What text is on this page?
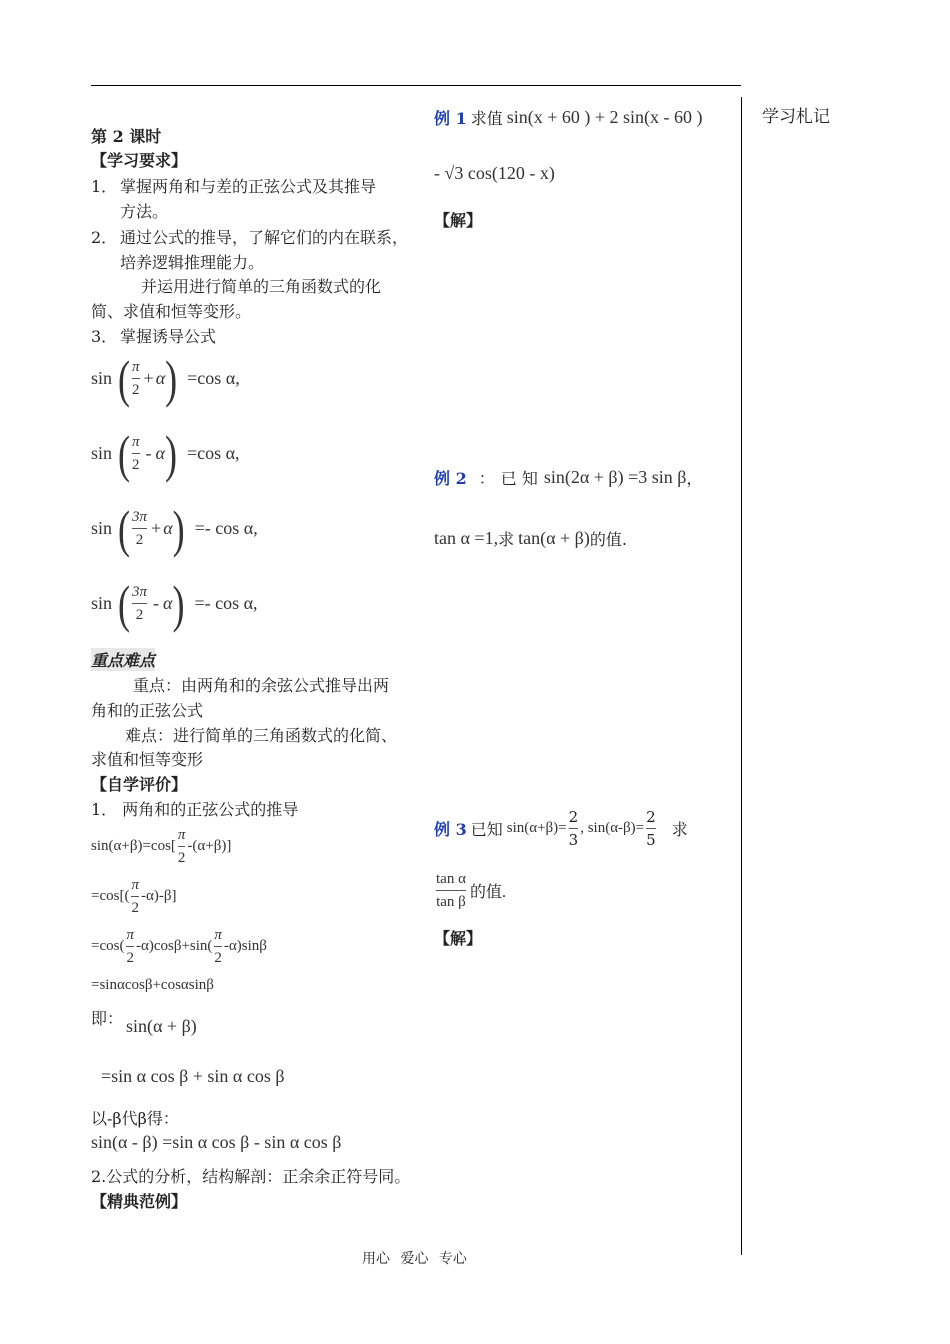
学习札记
第 2 课时
【学习要求】
1． 掌握两角和与差的正弦公式及其推导
方法。
2． 通过公式的推导，了解它们的内在联系，
培养逻辑推理能力。
并运用进行简单的三角函数式的化
简、求值和恒等变形。
3． 掌握诱导公式
sin ( $\frac{\pi}{2} + \alpha$ ) =cos α,
sin ( $\frac{\pi}{2}$ - α ) =cos α,
sin ( $\frac{3\pi}{2} + \alpha$ ) =- cos α,
sin ( $\frac{3\pi}{2}$ - α ) =- cos α,
重点难点
重点：由两角和的余弦公式推导出两
角和的正弦公式
难点：进行简单的三角函数式的化简、
求值和恒等变形
【自学评价】
1． 两角和的正弦公式的推导
$\sin(\alpha+\beta)=\cos[ \frac{\pi}{2} -(\alpha+\beta)]$
$=\cos[( \frac{\pi}{2} -\alpha)-\beta]$
$=\cos( \frac{\pi}{2} -\alpha)\cos\beta+\sin( \frac{\pi}{2} -\alpha)\sin\beta$
=sinαcosβ+cosαsinβ
即： sin(α + β)
=sin α cos β + sin α cos β
以-β代β得：
sin(α - β) =sin α cos β - sin α cos β
2.公式的分析，结构解剖：正余余正符号同。
【精典范例】
例 1 求值 sin(x + 60 ) + 2 sin(x - 60 )
- √3 cos(120 - x)
【解】
例 2 ： 已 知 sin(2α + β) =3 sin β ，
tan α =1, 求 tan(α + β) 的值.
例 3 已知 $\sin(\alpha+\beta)= \frac{2}{3}$ , $\sin(\alpha-\beta)= \frac{2}{5}$ 求
$\frac{\text{tan α}}{\text{tan β}}$ 的值.
【解】
用心 爱心 专心
